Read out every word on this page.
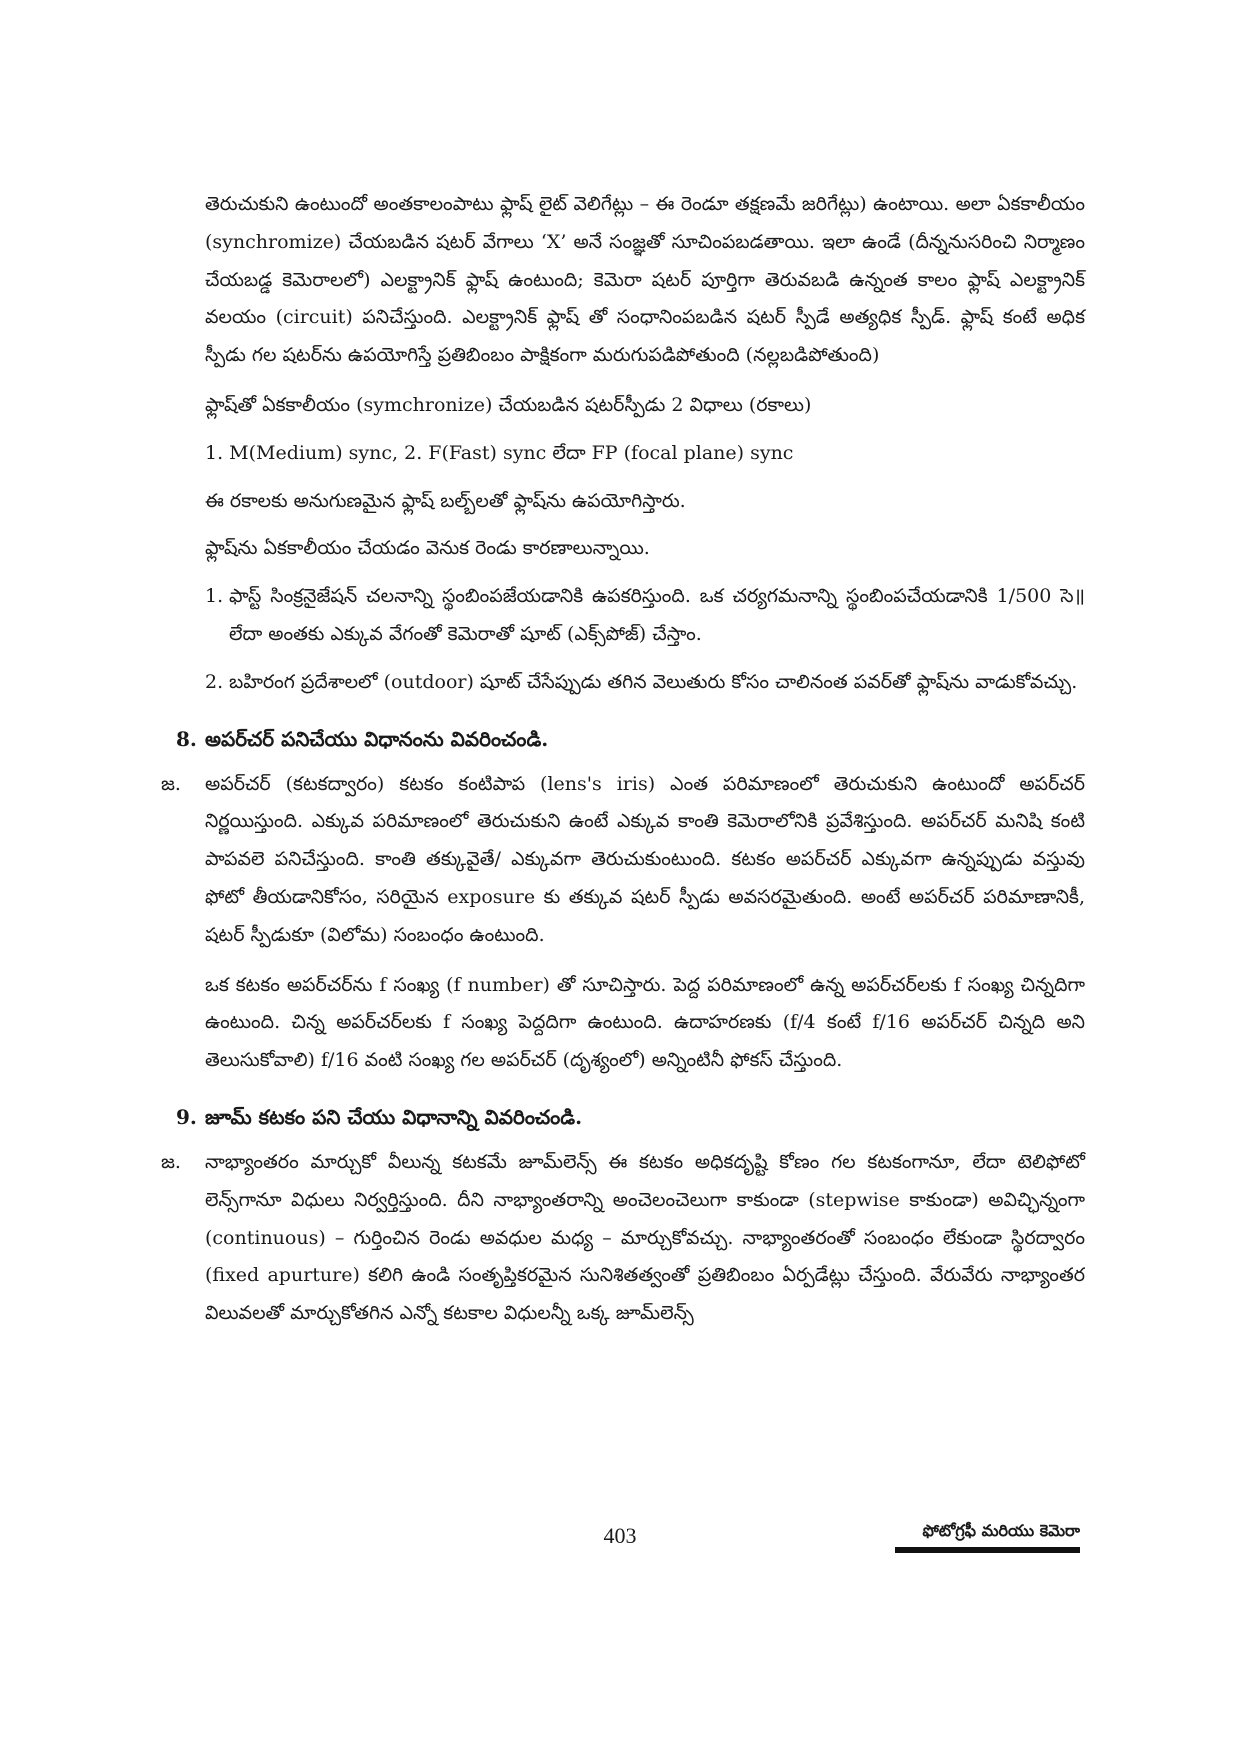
తెరుచుకుని ఉంటుందో అంతకాలంపాటు ఫ్లాష్ లైట్ వెలిగేట్లు – ఈ రెండూ తక్షణమే జరిగేట్లు) ఉంటాయి. అలా ఏకకాలీయం (synchromize) చేయబడిన షటర్ వేగాలు ‘X’ అనే సంజ్ఞతో సూచింపబడతాయి. ఇలా ఉండే (దీన్ననుసరించి నిర్మాణం చేయబడ్డ కెమెరాలలో) ఎలక్ట్రానిక్ ఫ్లాష్ ఉంటుంది; కెమెరా షటర్ పూర్తిగా తెరువబడి ఉన్నంత కాలం ఫ్లాష్ ఎలక్ట్రానిక్ వలయం (circuit) పనిచేస్తుంది. ఎలక్ట్రానిక్ ఫ్లాష్ తో సంధానింపబడిన షటర్ స్పీడే అత్యధిక స్పీడ్. ఫ్లాష్ కంటే అధిక స్పీడు గల షటర్‌ను ఉపయోగిస్తే ప్రతిబింబం పాక్షికంగా మరుగుపడిపోతుంది (నల్లబడిపోతుంది)

ఫ్లాష్‌తో ఏకకాలీయం (symchronize) చేయబడిన షటర్‌స్పీడు 2 విధాలు (రకాలు)

1. M(Medium) sync, 2. F(Fast) sync లేదా FP (focal plane) sync

ఈ రకాలకు అనుగుణమైన ఫ్లాష్ బల్బ్‌లతో ఫ్లాష్‌ను ఉపయోగిస్తారు.

ఫ్లాష్‌ను ఏకకాలీయం చేయడం వెనుక రెండు కారణాలున్నాయి.

1. ఫాస్ట్ సింక్రనైజేషన్ చలనాన్ని స్థంబింపజేయడానికి ఉపకరిస్తుంది. ఒక చర్యగమనాన్ని స్థంబింపచేయడానికి 1/500 సె॥లేదా అంతకు ఎక్కువ వేగంతో కెమెరాతో షూట్ (ఎక్స్‌పోజ్) చేస్తాం.

2. బహిరంగ ప్రదేశాలలో (outdoor) షూట్ చేసేప్పుడు తగిన వెలుతురు కోసం చాలినంత పవర్‌తో ఫ్లాష్‌ను వాడుకోవచ్చు.

8. అపర్‌చర్ పనిచేయు విధానంను వివరించండి.
జ.	అపర్‌చర్ (కటకద్వారం) కటకం కంటిపాప (lens's iris) ఎంత పరిమాణంలో తెరుచుకుని ఉంటుందో అపర్‌చర్ నిర్ణయిస్తుంది. ఎక్కువ పరిమాణంలో తెరుచుకుని ఉంటే ఎక్కువ కాంతి కెమెరాలోనికి ప్రవేశిస్తుంది. అపర్‌చర్ మనిషి కంటి పాపవలె పనిచేస్తుంది. కాంతి తక్కువైతే/ ఎక్కువగా తెరుచుకుంటుంది. కటకం అపర్‌చర్ ఎక్కువగా ఉన్నప్పుడు వస్తువు ఫోటో తీయడానికోసం, సరియైన exposure కు తక్కువ షటర్ స్పీడు అవసరమైతుంది. అంటే అపర్‌చర్ పరిమాణానికీ, షటర్ స్పీడుకూ (విలోమ) సంబంధం ఉంటుంది.

ఒక కటకం అపర్‌చర్‌ను f సంఖ్య (f number) తో సూచిస్తారు. పెద్ద పరిమాణంలో ఉన్న అపర్‌చర్‌లకు f సంఖ్య చిన్నదిగా ఉంటుంది. చిన్న అపర్‌చర్‌లకు f సంఖ్య పెద్దదిగా ఉంటుంది. ఉదాహరణకు (f/4 కంటే f/16 అపర్‌చర్ చిన్నది అని తెలుసుకోవాలి) f/16 వంటి సంఖ్య గల అపర్‌చర్ (దృశ్యంలో) అన్నింటినీ ఫోకస్ చేస్తుంది.

9. జూమ్ కటకం పని చేయు విధానాన్ని వివరించండి.
జ.	నాభ్యాంతరం మార్చుకో వీలున్న కటకమే జూమ్‌లెన్స్ ఈ కటకం అధికదృష్టి కోణం గల కటకంగానూ, లేదా టెలిఫోటో లెన్స్‌గానూ విధులు నిర్వర్తిస్తుంది. దీని నాభ్యాంతరాన్ని అంచెలంచెలుగా కాకుండా (stepwise కాకుండా) అవిచ్ఛిన్నంగా (continuous) – గుర్తించిన రెండు అవధుల మధ్య – మార్చుకోవచ్చు. నాభ్యాంతరంతో సంబంధం లేకుండా స్థిరద్వారం (fixed apurture) కలిగి ఉండి సంతృప్తికరమైన సునిశితత్వంతో ప్రతిబింబం ఏర్పడేట్లు చేస్తుంది. వేరువేరు నాభ్యాంతర విలువలతో మార్చుకోతగిన ఎన్నో కటకాల విధులన్నీ ఒక్క జూమ్‌లెన్స్

403	ఫోటోగ్రఫీ మరియు కెమెరా
